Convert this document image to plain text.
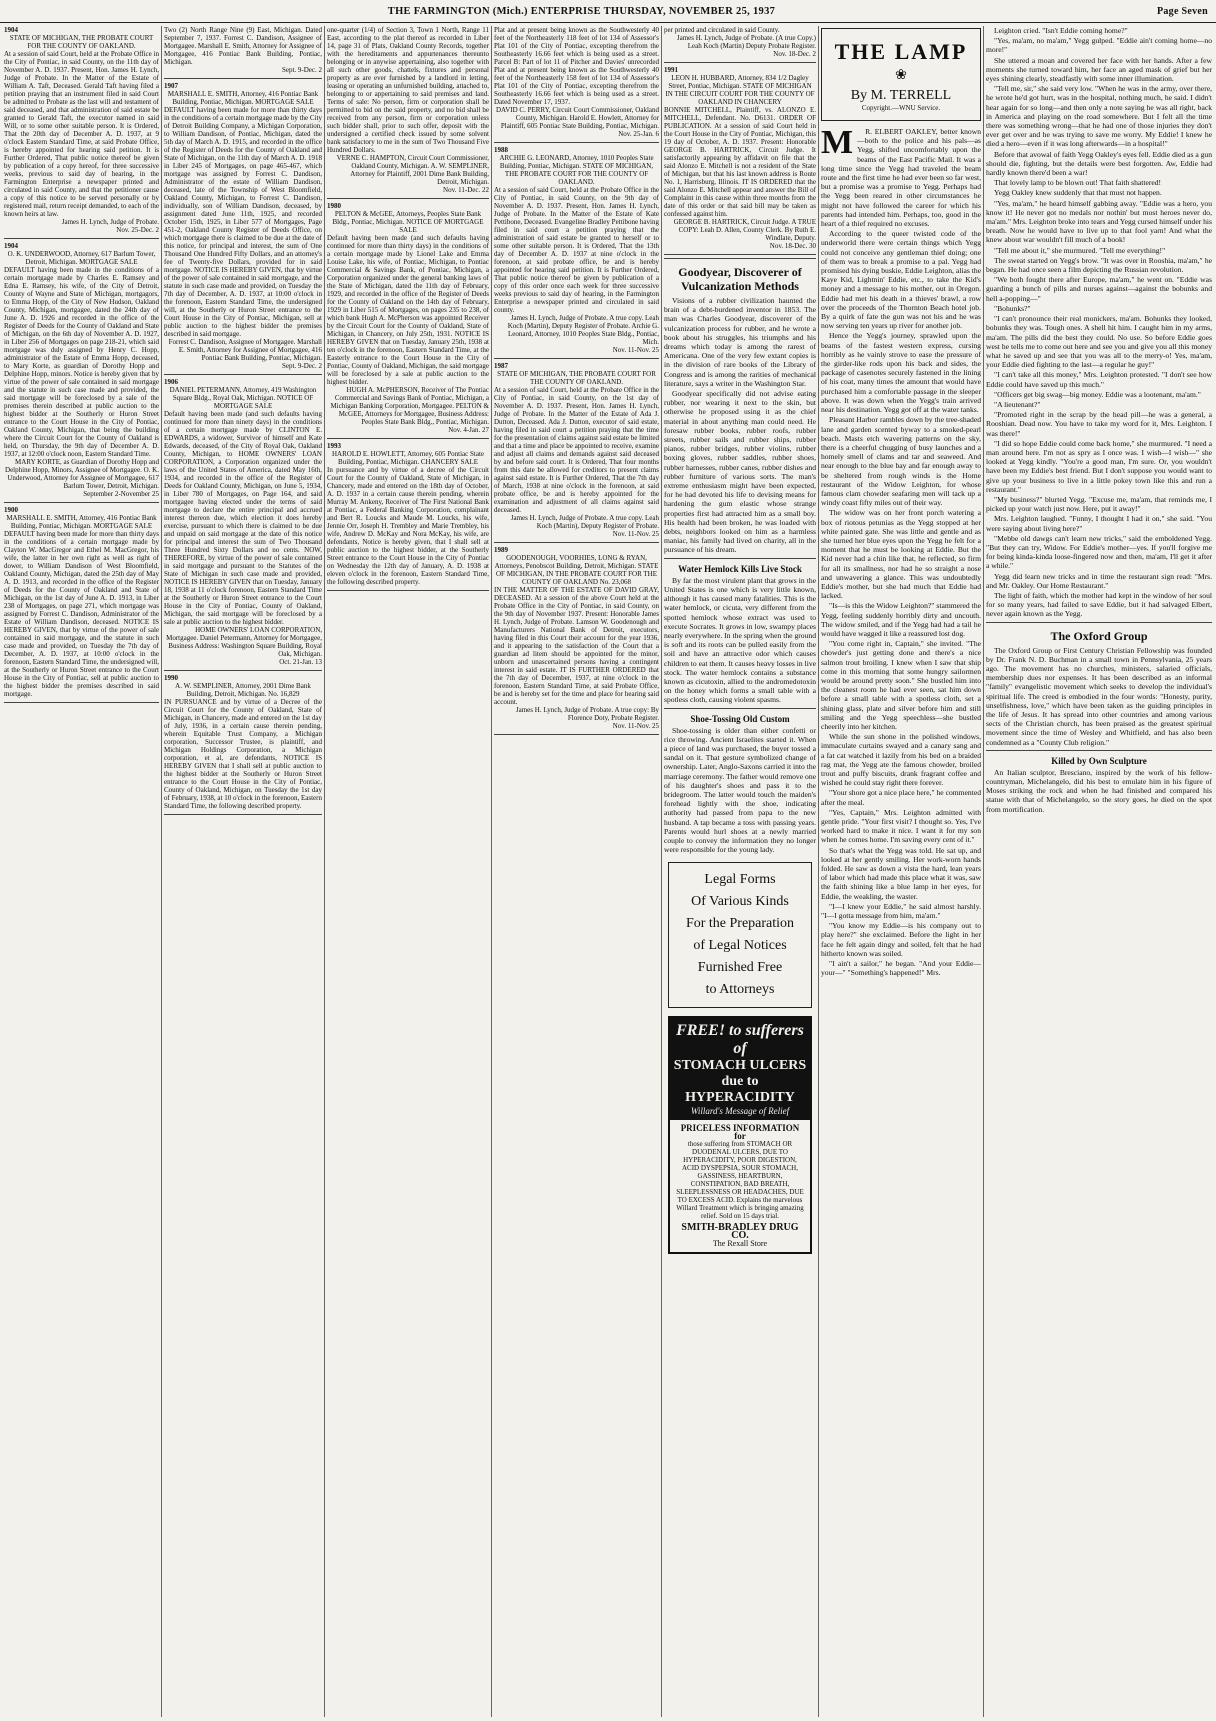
THE FARMINGTON (Mich.) ENTERPRISE THURSDAY, NOVEMBER 25, 1937	Page Seven
1904
STATE OF MICHIGAN, THE PROBATE COURT FOR THE COUNTY OF OAKLAND.
At a session of said Court, held at the Probate Office in the City of Pontiac, in said County, on the 11th day of November A. D. 1937. Present, Hon. James H. Lynch, Judge of Probate. In the Matter of the Estate of William A. Taft, Deceased. Gerald Taft having filed a petition praying that an instrument filed in said Court be admitted to Probate as the last will and testament of said deceased, and that administration of said estate be granted to Gerald Taft, the executor named in said Will, or to some other suitable person. It is Ordered, That the 20th day of December A. D. 1937, at 9 o'clock Eastern Standard Time, at said Probate Office, is hereby appointed for hearing said petition. It is Further Ordered, That public notice thereof be given by publication of a copy hereof, for three successive weeks, previous to said day of hearing, in the Farmington Enterprise a newspaper printed and circulated in said County, and that the petitioner cause a copy of this notice to be served personally or by registered mail, return receipt demanded, to each of the known heirs at law.
James H. Lynch, Judge of Probate.
Nov. 25-Dec. 2
1904
O. K. UNDERWOOD, Attorney, 617 Barlum Tower, Detroit, Michigan. MORTGAGE SALE
DEFAULT having been made in the conditions of a certain mortgage made by Charles E. Ramsey and Edna E. Ramsey, his wife, of the City of Detroit, County of Wayne and State of Michigan, mortgagors, to Emma Hopp, of the City of New Hudson, Oakland County, Michigan, mortgagee, dated the 24th day of June A. D. 1926 and recorded in the office of the Register of Deeds for the County of Oakland and State of Michigan, on the 6th day of November A. D. 1927, in Liber 256 of Mortgages on page 218-21, which said mortgage was duly assigned by Henry C. Hopp, administrator of the Estate of Emma Hopp, deceased, to Mary Korte, as guardian of Dorothy Hopp and Delphine Hopp, minors. Notice is hereby given that by virtue of the power of sale contained in said mortgage and the statute in such case made and provided, the said mortgage will be foreclosed by a sale of the premises therein described at public auction to the highest bidder at the Southerly or Huron Street entrance to the Court House in the City of Pontiac, Oakland County, Michigan, that being the building where the Circuit Court for the County of Oakland is held, on Thursday, the 9th day of December A. D. 1937, at 12:00 o'clock noon, Eastern Standard Time.
MARY KORTE, as Guardian of Dorothy Hopp and Delphine Hopp, Minors, Assignee of Mortgagee. O. K. Underwood, Attorney for Assignee of Mortgagee, 617 Barlum Tower, Detroit, Michigan.
September 2-November 25
1900
MARSHALL E. SMITH, Attorney, 416 Pontiac Bank Building, Pontiac, Michigan. MORTGAGE SALE
DEFAULT having been made for more than thirty days in the conditions of a certain mortgage made by Clayton W. MacGregor and Ethel M. MacGregor, his wife, the latter in her own right as well as right of dower, to William Dandison of West Bloomfield, Oakland County, Michigan, dated the 25th day of May A. D. 1913, and recorded in the office of the Register of Deeds for the County of Oakland and State of Michigan, on the 1st day of June A. D. 1913, in Liber 238 of Mortgages, on page 271, which mortgage was assigned by Forrest C. Dandison, Administrator of the Estate of William Dandison, deceased. NOTICE IS HEREBY GIVEN, that by virtue of the power of sale contained in said mortgage, and the statute in such case made and provided, on Tuesday the 7th day of December, A. D. 1937, at 10:00 o'clock in the forenoon, Eastern Standard Time, the undersigned will, at the Southerly or Huron Street entrance to the Court House in the City of Pontiac, sell at public auction to the highest bidder the premises described in said mortgage.
Two (2) North Range Nine (9) East, Michigan. Dated September 7, 1937. Forrest C. Dandison, Assignee of Mortgagee. Marshall E. Smith, Attorney for Assignee of Mortgagee, 416 Pontiac Bank Building, Pontiac, Michigan.
Sept. 9-Dec. 2
1907
MARSHALL E. SMITH, Attorney, 416 Pontiac Bank Building, Pontiac, Michigan. MORTGAGE SALE
DEFAULT having been made for more than thirty days in the conditions of a certain mortgage made by the City of Detroit Building Company, a Michigan Corporation, to William Dandison, of Pontiac, Michigan, dated the 5th day of March A. D. 1915, and recorded in the office of the Register of Deeds for the County of Oakland and State of Michigan, on the 11th day of March A. D. 1918 in Liber 245 of Mortgages, on page 465-467, which mortgage was assigned by Forrest C. Dandison, Administrator of the estate of William Dandison, deceased, late of the Township of West Bloomfield, Oakland County, Michigan, to Forrest C. Dandison, individually, son of William Dandison, deceased, by assignment dated June 11th, 1925, and recorded October 15th, 1925, in Liber 577 of Mortgages, Page 451-2, Oakland County Register of Deeds Office, on which mortgage there is claimed to be due at the date of this notice, for principal and interest, the sum of One Thousand One Hundred Fifty Dollars, and an attorney's fee of Twenty-five Dollars, provided for in said mortgage. NOTICE IS HEREBY GIVEN, that by virtue of the power of sale contained in said mortgage, and the statute in such case made and provided, on Tuesday the 7th day of December, A. D. 1937, at 10:00 o'clock in the forenoon, Eastern Standard Time, the undersigned will, at the Southerly or Huron Street entrance to the Court House in the City of Pontiac, Michigan, sell at public auction to the highest bidder the premises described in said mortgage.
Forrest C. Dandison, Assignee of Mortgagee. Marshall E. Smith, Attorney for Assignee of Mortgagee, 416 Pontiac Bank Building, Pontiac, Michigan.
Sept. 9-Dec. 2
1906
DANIEL PETERMANN, Attorney, 419 Washington Square Bldg., Royal Oak, Michigan. NOTICE OF MORTGAGE SALE
Default having been made (and such defaults having continued for more than ninety days) in the conditions of a certain mortgage made by CLINTON E. EDWARDS, a widower, Survivor of himself and Kate Edwards, deceased, of the City of Royal Oak, Oakland County, Michigan, to HOME OWNERS' LOAN CORPORATION, a Corporation organized under the laws of the United States of America, dated May 16th, 1934, and recorded in the office of the Register of Deeds for Oakland County, Michigan, on June 5, 1934, in Liber 780 of Mortgages, on Page 164, and said mortgagee having elected under the terms of said mortgage to declare the entire principal and accrued interest thereon due, which election it does hereby exercise, pursuant to which there is claimed to be due and unpaid on said mortgage at the date of this notice for principal and interest the sum of Two Thousand Three Hundred Sixty Dollars and no cents. NOW, THEREFORE, by virtue of the power of sale contained in said mortgage and pursuant to the Statutes of the State of Michigan in such case made and provided, NOTICE IS HEREBY GIVEN that on Tuesday, January 18, 1938 at 11 o'clock forenoon, Eastern Standard Time at the Southerly or Huron Street entrance to the Court House in the City of Pontiac, County of Oakland, Michigan, the said mortgage will be foreclosed by a sale at public auction to the highest bidder.
HOME OWNERS' LOAN CORPORATION, Mortgagee. Daniel Petermann, Attorney for Mortgagee, Business Address: Washington Square Building, Royal Oak, Michigan.
Oct. 21-Jan. 13
1990
A. W. SEMPLINER, Attorney, 2001 Dime Bank Building, Detroit, Michigan. No. 16,829
IN PURSUANCE and by virtue of a Decree of the Circuit Court for the County of Oakland, State of Michigan, in Chancery, made and entered on the 1st day of July, 1936, in a certain cause therein pending, wherein Equitable Trust Company, a Michigan corporation, Successor Trustee, is plaintiff, and Michigan Holdings Corporation, a Michigan corporation, et al, are defendants, NOTICE IS HEREBY GIVEN that I shall sell at public auction to the highest bidder at the Southerly or Huron Street entrance to the Court House in the City of Pontiac, County of Oakland, Michigan, on Tuesday the 1st day of February, 1938, at 10 o'clock in the forenoon, Eastern Standard Time, the following described property.
one-quarter (1/4) of Section 3, Town 1 North, Range 11 East, according to the plat thereof as recorded in Liber 14, page 31 of Plats, Oakland County Records, together with the hereditaments and appurtenances thereunto belonging or in anywise appertaining, also together with all such other goods, chattels, fixtures and personal property as are ever furnished by a landlord in letting, leasing or operating an unfurnished building, attached to, belonging to or appertaining to said premises and land. Terms of sale: No person, firm or corporation shall be permitted to bid on the said property, and no bid shall be received from any person, firm or corporation unless such bidder shall, prior to such offer, deposit with the undersigned a certified check issued by some solvent bank satisfactory to me in the sum of Two Thousand Five Hundred Dollars.
VERNE C. HAMPTON, Circuit Court Commissioner, Oakland County, Michigan. A. W. SEMPLINER, Attorney for Plaintiff, 2001 Dime Bank Building, Detroit, Michigan.
Nov. 11-Dec. 22
1980
PELTON & McGEE, Attorneys, Peoples State Bank Bldg., Pontiac, Michigan. NOTICE OF MORTGAGE SALE
Default having been made (and such defaults having continued for more than thirty days) in the conditions of a certain mortgage made by Lionel Lake and Emma Louise Lake, his wife, of Pontiac, Michigan, to Pontiac Commercial & Savings Bank, of Pontiac, Michigan, a Corporation organized under the general banking laws of the State of Michigan, dated the 11th day of February, 1929, and recorded in the office of the Register of Deeds for the County of Oakland on the 14th day of February, 1929 in Liber 515 of Mortgages, on pages 235 to 238, of which bank Hugh A. McPherson was appointed Receiver by the Circuit Court for the County of Oakland, State of Michigan, in Chancery, on July 25th, 1931. NOTICE IS HEREBY GIVEN that on Tuesday, January 25th, 1938 at ten o'clock in the forenoon, Eastern Standard Time, at the Easterly entrance to the Court House in the City of Pontiac, County of Oakland, Michigan, the said mortgage will be foreclosed by a sale at public auction to the highest bidder.
HUGH A. McPHERSON, Receiver of The Pontiac Commercial and Savings Bank of Pontiac, Michigan, a Michigan Banking Corporation, Mortgagee. PELTON & McGEE, Attorneys for Mortgagee, Business Address: Peoples State Bank Bldg., Pontiac, Michigan.
Nov. 4-Jan. 27
1993
HAROLD E. HOWLETT, Attorney, 605 Pontiac State Building, Pontiac, Michigan. CHANCERY SALE
In pursuance and by virtue of a decree of the Circuit Court for the County of Oakland, State of Michigan, in Chancery, made and entered on the 18th day of October, A. D. 1937 in a certain cause therein pending, wherein Murray M. Ankeny, Receiver of The First National Bank at Pontiac, a Federal Banking Corporation, complainant and Bert R. Loucks and Maude M. Loucks, his wife, Jennie Orr, Joseph H. Trembley and Marie Trembley, his wife, Andrew D. McKay and Nora McKay, his wife, are defendants, Notice is hereby given, that I shall sell at public auction to the highest bidder, at the Southerly Street entrance to the Court House in the City of Pontiac on Wednesday the 12th day of January, A. D. 1938 at eleven o'clock in the forenoon, Eastern Standard Time, the following described property.
Plat and at present being known as the Southwesterly 40 feet of the Northeasterly 118 feet of lot 134 of Assessor's Plat 101 of the City of Pontiac, excepting therefrom the Southeasterly 16.66 feet which is being used as a street. Parcel B: Part of lot 11 of Pitcher and Davies' unrecorded Plat and at present being known as the Southwesterly 40 feet of the Northeasterly 158 feet of lot 134 of Assessor's Plat 101 of the City of Pontiac, excepting therefrom the Southeasterly 16.66 feet which is being used as a street. Dated November 17, 1937.
DAVID C. PERRY, Circuit Court Commissioner, Oakland County, Michigan. Harold E. Howlett, Attorney for Plaintiff, 605 Pontiac State Building, Pontiac, Michigan.
Nov. 25-Jan. 6
1988
ARCHIE G. LEONARD, Attorney, 1010 Peoples State Building, Pontiac, Michigan. STATE OF MICHIGAN, THE PROBATE COURT FOR THE COUNTY OF OAKLAND.
At a session of said Court, held at the Probate Office in the City of Pontiac, in said County, on the 9th day of November A. D. 1937. Present, Hon. James H. Lynch, Judge of Probate. In the Matter of the Estate of Kate Pettibone, Deceased. Evangeline Bradley Pettibone having filed in said court a petition praying that the administration of said estate be granted to herself or to some other suitable person. It is Ordered, That the 13th day of December A. D. 1937 at nine o'clock in the forenoon, at said probate office, be and is hereby appointed for hearing said petition. It is Further Ordered, That public notice thereof be given by publication of a copy of this order once each week for three successive weeks previous to said day of hearing, in the Farmington Enterprise a newspaper printed and circulated in said county.
James H. Lynch, Judge of Probate. A true copy. Leah Koch (Martin), Deputy Register of Probate. Archie G. Leonard, Attorney, 1010 Peoples State Bldg., Pontiac, Mich.
Nov. 11-Nov. 25
1987
STATE OF MICHIGAN, THE PROBATE COURT FOR THE COUNTY OF OAKLAND.
At a session of said Court, held at the Probate Office in the City of Pontiac, in said County, on the 1st day of November A. D. 1937. Present, Hon. James H. Lynch, Judge of Probate. In the Matter of the Estate of Ada J. Dutton, Deceased. Ada J. Dutton, executor of said estate, having filed in said court a petition praying that the time for the presentation of claims against said estate be limited and that a time and place be appointed to receive, examine and adjust all claims and demands against said deceased by and before said court. It is Ordered, That four months from this date be allowed for creditors to present claims against said estate. It is Further Ordered, That the 7th day of March, 1938 at nine o'clock in the forenoon, at said probate office, be and is hereby appointed for the examination and adjustment of all claims against said deceased.
James H. Lynch, Judge of Probate. A true copy. Leah Koch (Martin), Deputy Register of Probate.
Nov. 11-Nov. 25
1989
GOODENOUGH, VOORHIES, LONG & RYAN, Attorneys, Penobscot Building, Detroit, Michigan. STATE OF MICHIGAN, IN THE PROBATE COURT FOR THE COUNTY OF OAKLAND No. 23,068
IN THE MATTER OF THE ESTATE OF DAVID GRAY, DECEASED. At a session of the above Court held at the Probate Office in the City of Pontiac, in said County, on the 9th day of November 1937. Present: Honorable James H. Lynch, Judge of Probate. Lamson W. Goodenough and Manufacturers National Bank of Detroit, executors, having filed in this Court their account for the year 1936, and it appearing to the satisfaction of the Court that a guardian ad litem should be appointed for the minor, unborn and unascertained persons having a contingent interest in said estate. IT IS FURTHER ORDERED that the 7th day of December, 1937, at nine o'clock in the forenoon, Eastern Standard Time, at said Probate Office, be and is hereby set for the time and place for hearing said account.
James H. Lynch, Judge of Probate. A true copy: By Florence Doty, Probate Register.
Nov. 11-Nov. 25
per printed and circulated in said County.
James H. Lynch, Judge of Probate. (A true Copy.) Leah Koch (Martin) Deputy Probate Register.
Nov. 18-Dec. 2
1991
LEON H. HUBBARD, Attorney, 834 1/2 Dagley Street, Pontiac, Michigan. STATE OF MICHIGAN IN THE CIRCUIT COURT FOR THE COUNTY OF OAKLAND IN CHANCERY
BONNIE MITCHELL, Plaintiff, vs. ALONZO E. MITCHELL, Defendant. No. D6131. ORDER OF PUBLICATION. At a session of said Court held in the Court House in the City of Pontiac, Michigan, this 19 day of October, A. D. 1937. Present: Honorable GEORGE B. HARTRICK, Circuit Judge. It satisfactorily appearing by affidavit on file that the said Alonzo E. Mitchell is not a resident of the State of Michigan, but that his last known address is Route No. 1, Harrisburg, Illinois. IT IS ORDERED that the said Alonzo E. Mitchell appear and answer the Bill of Complaint in this cause within three months from the date of this order or that said bill may be taken as confessed against him.
GEORGE B. HARTRICK, Circuit Judge. A TRUE COPY: Leah D. Allen, County Clerk. By Ruth E. Windlate, Deputy.
Nov. 18-Dec. 30
Goodyear, Discoverer of Vulcanization Methods

Visions of a rubber civilization haunted the brain of a debt-burdened inventor in 1853. The man was Charles Goodyear, discoverer of the vulcanization process for rubber, and he wrote a book about his struggles, his triumphs and his dreams which today is among the rarest of Americana. One of the very few extant copies is in the division of rare books of the Library of Congress and is among the rarities of mechanical literature, says a writer in the Washington Star.

Goodyear specifically did not advise eating rubber, nor wearing it next to the skin, but otherwise he proposed using it as the chief material in about anything man could need. He foresaw rubber books, rubber roofs, rubber streets, rubber sails and rubber ships, rubber pianos, rubber bridges, rubber violins, rubber boxing gloves, rubber saddles, rubber shoes, rubber harnesses, rubber canes, rubber dishes and rubber furniture of various sorts. The man's extreme enthusiasm might have been expected, for he had devoted his life to devising means for hardening the gum elastic whose strange properties first had attracted him as a small boy. His health had been broken, he was loaded with debts, neighbors looked on him as a harmless maniac, his family had lived on charity, all in the pursuance of his dream.

Water Hemlock Kills Live Stock

By far the most virulent plant that grows in the United States is one which is very little known, although it has caused many fatalities. This is the water hemlock, or cicuta, very different from the spotted hemlock whose extract was used to execute Socrates. It grows in low, swampy places nearly everywhere. In the spring when the ground is soft and its roots can be pulled easily from the soil and have an attractive odor which causes children to eat them. It causes heavy losses in live stock. The water hemlock contains a substance known as cicutoxin, allied to the andromedotoxin on the honey which forms a small table with a spotless cloth, causing violent spasms.

Shoe-Tossing Old Custom

Shoe-tossing is older than either confetti or rice throwing. Ancient Israelites started it. When a piece of land was purchased, the buyer tossed a sandal on it. That gesture symbolized change of ownership. Later, Anglo-Saxons carried it into the marriage ceremony. The father would remove one of his daughter's shoes and pass it to the bridegroom. The latter would touch the maiden's forehead lightly with the shoe, indicating authority had passed from papa to the new husband. A tap became a toss with passing years. Parents would hurl shoes at a newly married couple to convey the information they no longer were responsible for the young lady.

Legal Forms
Of Various Kinds
For the Preparation
of Legal Notices
Furnished Free
to Attorneys
FREE! to sufferers of
STOMACH ULCERS
due to HYPERACIDITY
Willard's Message of Relief
PRICELESS INFORMATION for
those suffering from STOMACH OR DUODENAL ULCERS, DUE TO HYPERACIDITY, POOR DIGESTION, ACID DYSPEPSIA, SOUR STOMACH, GASSINESS, HEARTBURN, CONSTIPATION, BAD BREATH, SLEEPLESSNESS OR HEADACHES, DUE TO EXCESS ACID. Explains the marvelous Willard Treatment which is bringing amazing relief. Sold on 15 days trial.
SMITH-BRADLEY DRUG CO.
The Rexall Store
THE LAMP
❀
By M. TERRELL
Copyright.—WNU Service.
M	R. ELBERT OAKLEY, better known—both to the police and his pals—as Yegg, shifted uncomfortably upon the beams of the East Pacific Mail. It was a long time since the Yegg had traveled the beam route and the first time he had ever been so far west, but a promise was a promise to Yegg. Perhaps had the Yegg been reared in other circumstances he might not have followed the career for which his parents had intended him. Perhaps, too, good in the heart of a thief required no excuses.

According to the queer twisted code of the underworld there were certain things which Yegg could not conceive any gentleman thief doing; one of them was to break a promise to a pal. Yegg had promised his dying buskie, Eddie Leighton, alias the Kaye Kid, Lightnin' Eddie, etc., to take the Kid's money and a message to his mother, out in Oregon. Eddie had met his death in a thieves' brawl, a row over the proceeds of the Thornton Beach hotel job. By a quirk of fate the gun was not his and he was now serving ten years up river for another job.

Hence the Yegg's journey, sprawled upon the beams of the fastest western express, cursing horribly as he vainly strove to ease the pressure of the girder-like rods upon his back and sides, the package of casenotes securely fastened in the lining of his coat, many times the amount that would have purchased him a comfortable passage in the sleeper above. It was down when the Yegg's train arrived near his destination. Yegg got off at the water tanks.

Pleasant Harbor rambles down by the tree-shaded lane and garden scented byway to a smoked-pearl beach. Masts etch wavering patterns on the sky, there is a cheerful chugging of busy launches and a homely smell of clams and tar and seaweed. And near enough to the blue bay and far enough away to be sheltered from rough winds is the Home restaurant of the Widow Leighton, for whose famous clam chowder seafaring men will tack up a windy coast fifty miles out of their way.

The widow was on her front porch watering a box of riotous petunias as the Yegg stopped at her white painted gate. She was little and gentle and as she turned her blue eyes upon the Yegg he felt for a moment that he must be looking at Eddie. But the Kid never had a chin like that, he reflected, so firm for all its smallness, nor had he so straight a nose and unwavering a glance. This was undoubtedly Eddie's mother, but she had much that Eddie had lacked.

"Is—is this the Widow Leighton?" stammered the Yegg, feeling suddenly horribly dirty and uncouth. The widow smiled, and if the Yegg had had a tail he would have wagged it like a reassured lost dog.

"You come right in, Captain," she invited. "The chowder's just getting done and there's a nice salmon trout broiling. I knew when I saw that ship come in this morning that some hungry sailormen would be around pretty soon." She bustled him into the cleanest room he had ever seen, sat him down before a small table with a spotless cloth, set a shining glass, plate and silver before him and still smiling and the Yegg speechless—she bustled cheerily into her kitchen.

While the sun shone in the polished windows, immaculate curtains swayed and a canary sang and a fat cat watched it lazily from his bed on a braided rag mat, the Yegg ate the famous chowder, broiled trout and puffy biscuits, drank fragrant coffee and wished he could stay right there forever.

"Your shore got a nice place here," he commented after the meal.

"Yes, Captain," Mrs. Leighton admitted with gentle pride. "Your first visit? I thought so. Yes, I've worked hard to make it nice. I want it for my son when he comes home. I'm saving every cent of it."

So that's what the Yegg was told. He sat up, and looked at her gently smiling. Her work-worn hands folded. He saw as down a vista the hard, lean years of labor which had made this place what it was, saw the faith shining like a blue lamp in her eyes, for Eddie, the weakling, the waster.

"I—I knew your Eddie," he said almost harshly. "I—I gotta message from him, ma'am."

"You know my Eddie—is his company out to play here?" she exclaimed. Before the light in her face he felt again dingy and soiled, felt that he had hitherto known was soiled.

"I ain't a sailor," he began. "And your Eddie—your—" "Something's happened!" Mrs.

Leighton cried. "Isn't Eddie coming home?"

"Yes, ma'am, no ma'am," Yegg gulped. "Eddie ain't coming home—no more!"

She uttered a moan and covered her face with her hands. After a few moments she turned toward him, her face an aged mask of grief but her eyes shining clearly, steadfastly with some inner illumination.

"Tell me, sir," she said very low. "When he was in the army, over there, he wrote he'd got hurt, was in the hospital, nothing much, he said. I didn't hear again for so long—and then only a note saying he was all right, back in America and playing on the road somewhere. But I felt all the time there was something wrong—that he had one of those injuries they don't ever get over and he was trying to save me worry. My Eddie! I knew he died a hero—even if it was long afterwards—in a hospital!"

Before that avowal of faith Yegg Oakley's eyes fell. Eddie died as a gun should die, fighting, but the details were best forgotten. Aw, Eddie had hardly known there'd been a war!

That lovely lamp to be blown out! That faith shattered!

Yegg Oakley knew suddenly that that must not happen.

"Yes, ma'am," he heard himself gabbing away. "Eddie was a hero, you know it! He never got no medals nor nothin' but most heroes never do, ma'am." Mrs. Leighton broke into tears and Yegg cursed himself under his breath. Now he would have to live up to that fool yarn! And what the knew about war wouldn't fill much of a book!

"Tell me about it," she murmured. "Tell me everything!"

The sweat started on Yegg's brow. "It was over in Rooshia, ma'am," he began. He had once seen a film depicting the Russian revolution.

"We both fought there after Europe, ma'am," he went on. "Eddie was guarding a bunch of pills and nurses against—against the bobunks and hell a-popping—"

"Bohunks?"

"I can't pronounce their real monickers, ma'am. Bohunks they looked, bohunks they was. Tough ones. A shell hit him. I caught him in my arms, ma'am. The pills did the best they could. No use. So before Eddie goes west he tells me to come out here and see you and give you all this money what he saved up and see that you was all to the merry-o! Yes, ma'am, your Eddie died fighting to the last—a regular he guy!"

"I can't take all this money," Mrs. Leighton protested. "I don't see how Eddie could have saved up this much."

"Officers get big swag—big money. Eddie was a lootenant, ma'am."

"A lieutenant?"

"Promoted right in the scrap by the head pill—he was a general, a Rooshian. Dead now. You have to take my word for it, Mrs. Leighton. I was there!"

"I did so hope Eddie could come back home," she murmured. "I need a man around here. I'm not as spry as I once was. I wish—I wish—" she looked at Yegg kindly. "You're a good man, I'm sure. Or, you wouldn't have been my Eddie's best friend. But I don't suppose you would want to give up your business to live in a little pokey town like this and run a restaurant."

"My business?" blurted Yegg. "Excuse me, ma'am, that reminds me, I picked up your watch just now. Here, put it away!"

Mrs. Leighton laughed. "Funny, I thought I had it on," she said. "You were saying about living here?"

"Mebbe old dawgs can't learn new tricks," said the emboldened Yegg. "But they can try, Widow. For Eddie's mother—yes. If you'll forgive me for being kinda-kinda loose-fingered now and then, ma'am, I'll get it after a while."

Yegg did learn new tricks and in time the restaurant sign read: "Mrs. and Mr. Oakley. Our Home Restaurant."

The light of faith, which the mother had kept in the window of her soul for so many years, had failed to save Eddie, but it had salvaged Elbert, never again known as the Yegg.

The Oxford Group

The Oxford Group or First Century Christian Fellowship was founded by Dr. Frank N. D. Buchman in a small town in Pennsylvania, 25 years ago. The movement has no churches, ministers, salaried officials, membership dues nor expenses. It has been described as an informal "family" evangelistic movement which seeks to develop the individual's spiritual life. The creed is embodied in the four words: "Honesty, purity, unselfishness, love," which have been taken as the guiding principles in the life of Jesus. It has spread into other countries and among various sects of the Christian church, has been praised as the greatest spiritual movement since the time of Wesley and Whitfield, and has also been condemned as a "County Club religion."

Killed by Own Sculpture

An Italian sculptor, Bresciano, inspired by the work of his fellow-countryman, Michelangelo, did his best to emulate him in his figure of Moses striking the rock and when he had finished and compared his statue with that of Michelangelo, so the story goes, he died on the spot from mortification.
